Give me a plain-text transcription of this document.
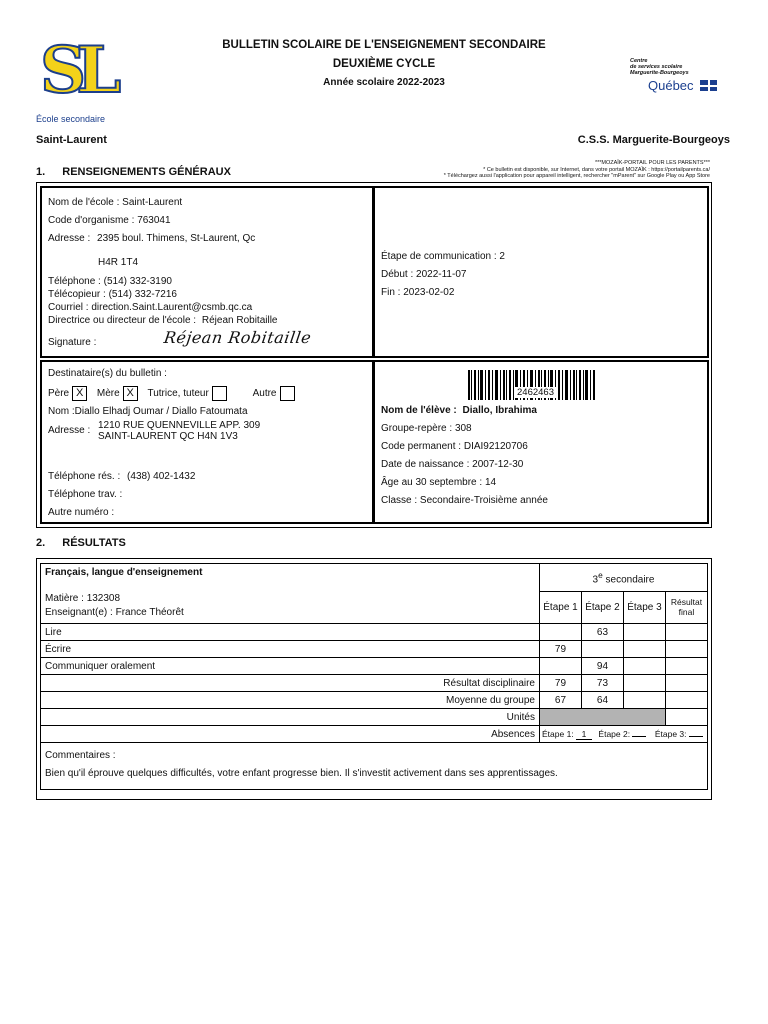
SL
École secondaire
BULLETIN SCOLAIRE DE L'ENSEIGNEMENT SECONDAIRE
DEUXIÈME CYCLE
Année scolaire 2022-2023
Centre
de services scolaire
Marguerite-Bourgeoys
Québec
Saint-Laurent	C.S.S. Marguerite-Bourgeoys
1. RENSEIGNEMENTS GÉNÉRAUX
***MOZAÏK-PORTAIL POUR LES PARENTS***
* Ce bulletin est disponible, sur Internet, dans votre portail MOZAÏK : https://portailparents.ca/
* Téléchargez aussi l'application pour appareil intelligent, rechercher "mParent" sur Google Play ou App Store
Nom de l'école : Saint-Laurent
Code d'organisme : 763041
Adresse : 2395 boul. Thimens, St-Laurent, Qc
H4R 1T4
Téléphone : (514) 332-3190
Télécopieur : (514) 332-7216
Courriel : direction.Saint.Laurent@csmb.qc.ca
Directrice ou directeur de l'école : Réjean Robitaille
Signature :	Réjean Robitaille
Étape de communication : 2
Début : 2022-11-07
Fin : 2023-02-02
Destinataire(s) du bulletin :
Père X Mère X Tutrice, tuteur	Autre
Nom :Diallo Elhadj Oumar / Diallo Fatoumata
Adresse : 1210 RUE QUENNEVILLE APP. 309
SAINT-LAURENT QC H4N 1V3
Téléphone rés. : (438) 402-1432
Téléphone trav. :
Autre numéro :
2462463
Nom de l'élève : Diallo, Ibrahima
Groupe-repère : 308
Code permanent : DIAI92120706
Date de naissance : 2007-12-30
Âge au 30 septembre : 14
Classe : Secondaire-Troisième année
2. RÉSULTATS
Français, langue d'enseignement
Matière : 132308
Enseignant(e) : France Théorêt	3e secondaire			
	Étape 1	Étape 2	Étape 3	Résultat
final

Lire		63		
Écrire	79			
Communiquer oralement		94		
Résultat disciplinaire	79	73		
Moyenne du groupe	67	64		
Unités				
Absences	Étape 1: 1 Étape 2: Étape 3:			

Commentaires :
Bien qu'il éprouve quelques difficultés, votre enfant progresse bien. Il s'investit activement dans ses apprentissages.				
